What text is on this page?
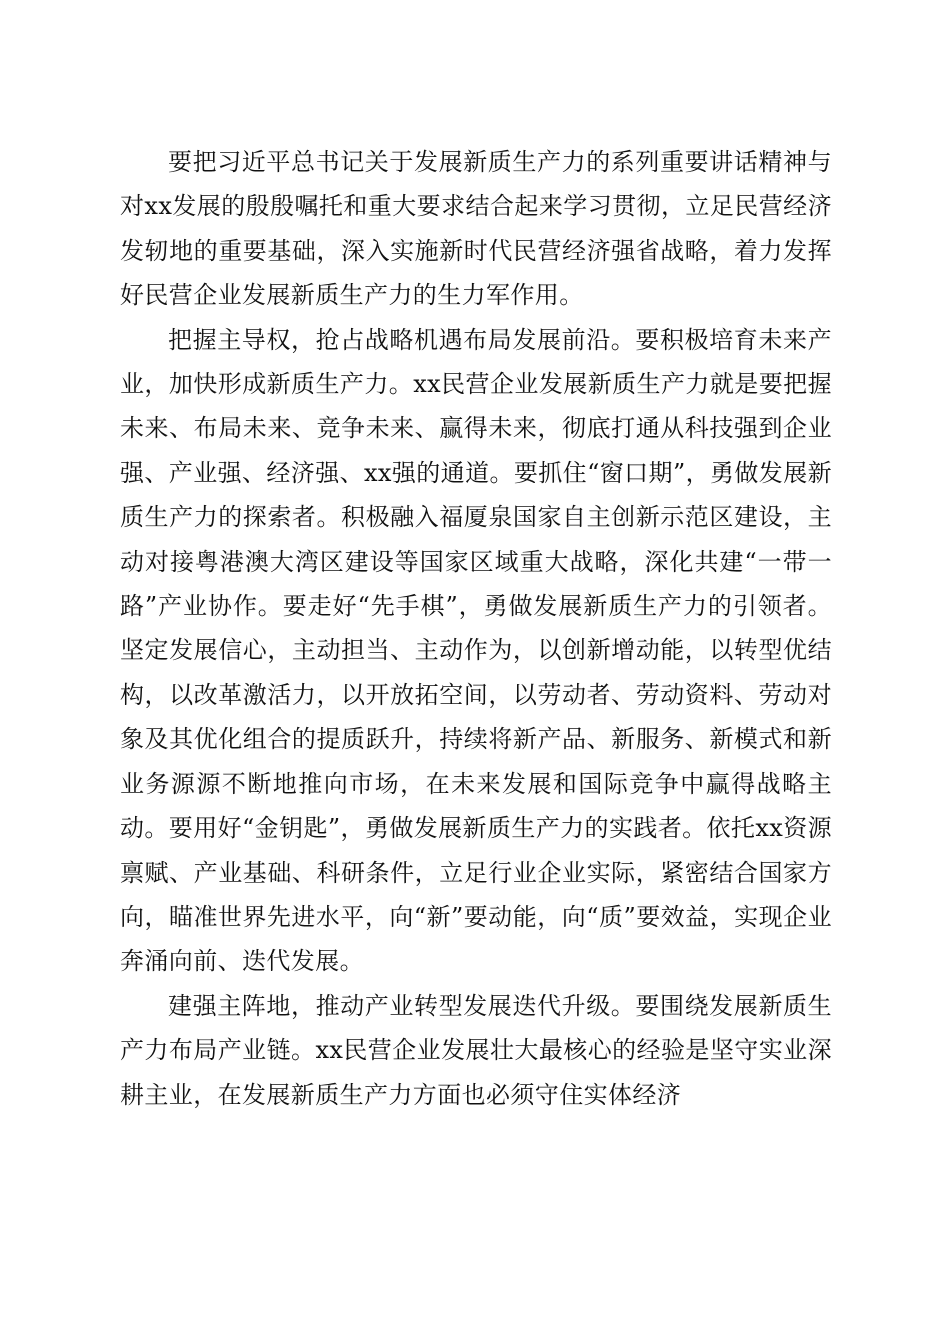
要把习近平总书记关于发展新质生产力的系列重要讲话精神与对xx发展的殷殷嘱托和重大要求结合起来学习贯彻，立足民营经济发轫地的重要基础，深入实施新时代民营经济强省战略，着力发挥好民营企业发展新质生产力的生力军作用。

把握主导权，抢占战略机遇布局发展前沿。要积极培育未来产业，加快形成新质生产力。xx民营企业发展新质生产力就是要把握未来、布局未来、竞争未来、赢得未来，彻底打通从科技强到企业强、产业强、经济强、xx强的通道。要抓住“窗口期”，勇做发展新质生产力的探索者。积极融入福厦泉国家自主创新示范区建设，主动对接粤港澳大湾区建设等国家区域重大战略，深化共建“一带一路”产业协作。要走好“先手棋”，勇做发展新质生产力的引领者。坚定发展信心，主动担当、主动作为，以创新增动能，以转型优结构，以改革激活力，以开放拓空间，以劳动者、劳动资料、劳动对象及其优化组合的提质跃升，持续将新产品、新服务、新模式和新业务源源不断地推向市场，在未来发展和国际竞争中赢得战略主动。要用好“金钥匙”，勇做发展新质生产力的实践者。依托xx资源禀赋、产业基础、科研条件，立足行业企业实际，紧密结合国家方向，瞄准世界先进水平，向“新”要动能，向“质”要效益，实现企业奔涌向前、迭代发展。

建强主阵地，推动产业转型发展迭代升级。要围绕发展新质生产力布局产业链。xx民营企业发展壮大最核心的经验是坚守实业深耕主业，在发展新质生产力方面也必须守住实体经济
